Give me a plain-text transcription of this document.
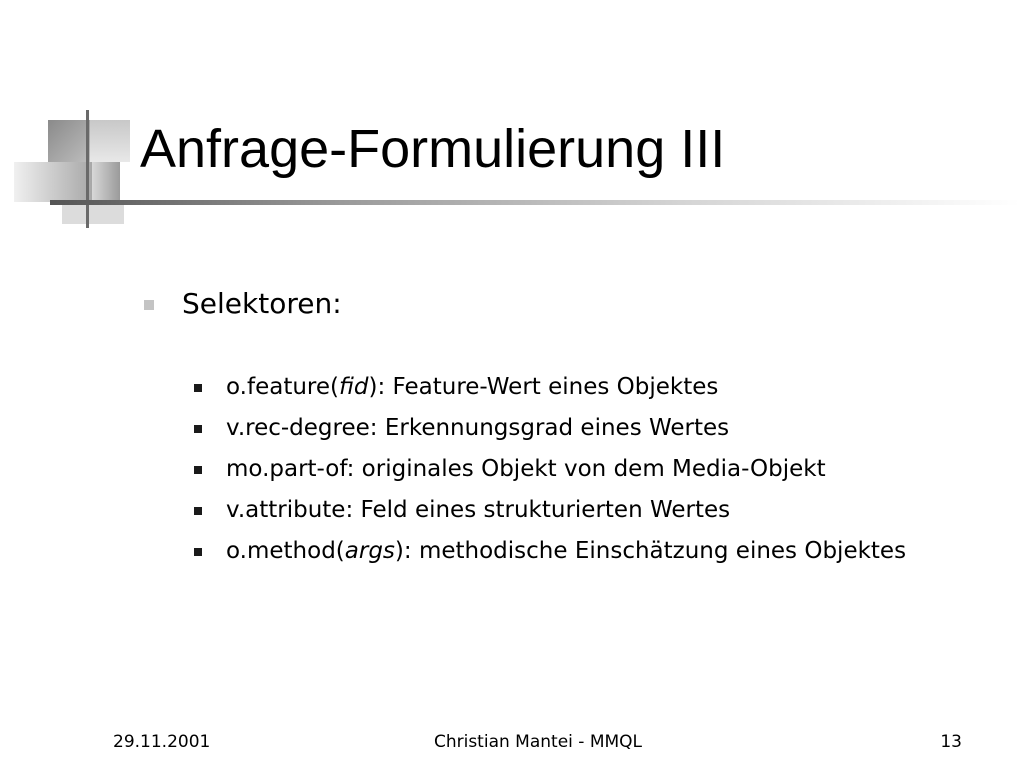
Anfrage-Formulierung III
Selektoren:
o.feature(fid): Feature-Wert eines Objektes
v.rec-degree: Erkennungsgrad eines Wertes
mo.part-of: originales Objekt von dem Media-Objekt
v.attribute: Feld eines strukturierten Wertes
o.method(args): methodische Einschätzung eines Objektes
29.11.2001	Christian Mantei - MMQL	13
